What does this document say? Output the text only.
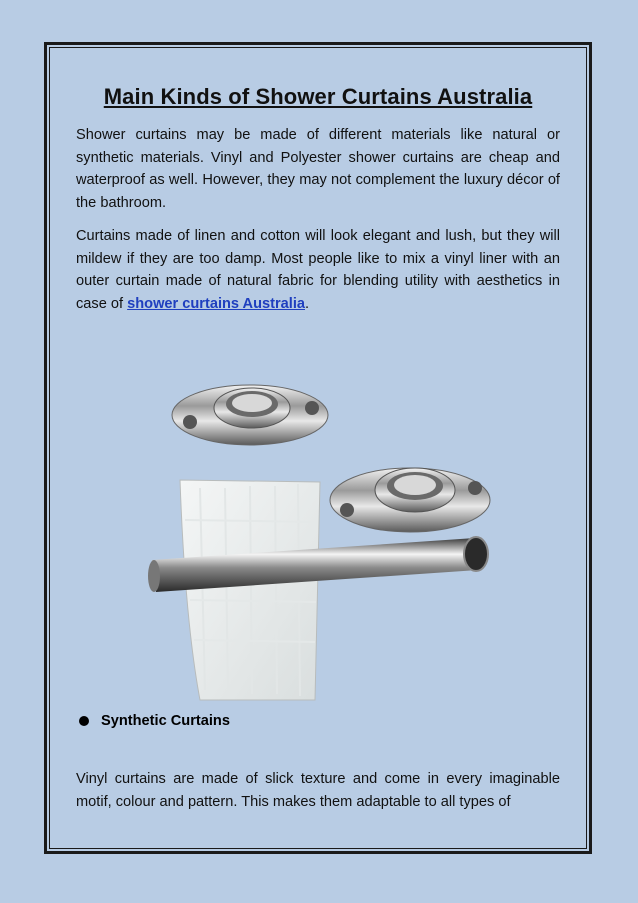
Main Kinds of Shower Curtains Australia

Shower curtains may be made of different materials like natural or synthetic materials. Vinyl and Polyester shower curtains are cheap and waterproof as well. However, they may not complement the luxury décor of the bathroom.

Curtains made of linen and cotton will look elegant and lush, but they will mildew if they are too damp. Most people like to mix a vinyl liner with an outer curtain made of natural fabric for blending utility with aesthetics in case of shower curtains Australia.

Synthetic Curtains
Vinyl curtains are made of slick texture and come in every imaginable motif, colour and pattern. This makes them adaptable to all types of
